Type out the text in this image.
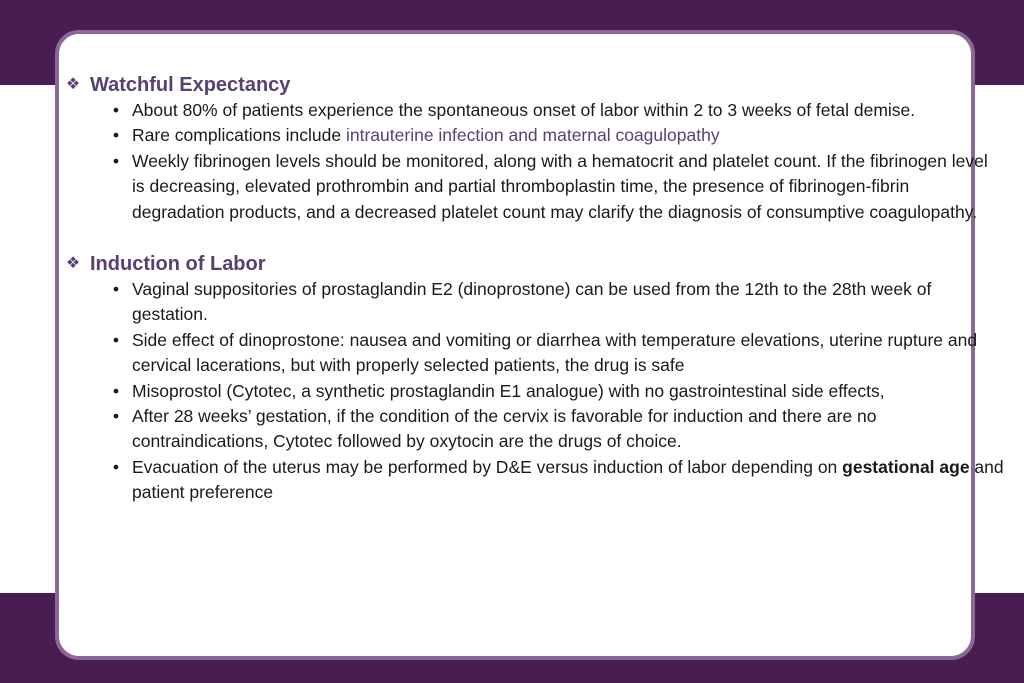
❖ Watchful Expectancy
• About 80% of patients experience the spontaneous onset of labor within 2 to 3 weeks of fetal demise.
• Rare complications include intrauterine infection and maternal coagulopathy
• Weekly fibrinogen levels should be monitored, along with a hematocrit and platelet count. If the fibrinogen level is decreasing, elevated prothrombin and partial thromboplastin time, the presence of fibrinogen-fibrin degradation products, and a decreased platelet count may clarify the diagnosis of consumptive coagulopathy.
❖ Induction of Labor
• Vaginal suppositories of prostaglandin E2 (dinoprostone) can be used from the 12th to the 28th week of gestation.
• Side effect of dinoprostone: nausea and vomiting or diarrhea with temperature elevations, uterine rupture and cervical lacerations, but with properly selected patients, the drug is safe
• Misoprostol (Cytotec, a synthetic prostaglandin E1 analogue) with no gastrointestinal side effects,
• After 28 weeks’ gestation, if the condition of the cervix is favorable for induction and there are no contraindications, Cytotec followed by oxytocin are the drugs of choice.
• Evacuation of the uterus may be performed by D&E versus induction of labor depending on gestational age and patient preference
